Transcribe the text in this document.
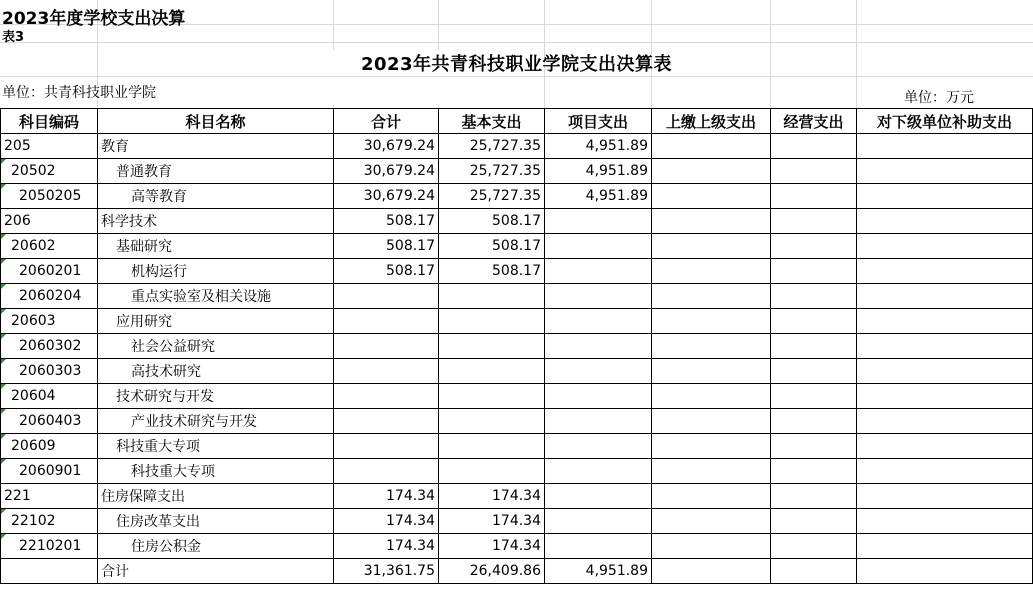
2023年度学校支出决算
表3
2023年共青科技职业学院支出决算表
单位：共青科技职业学院	单位：万元
科目编码	科目名称	合计	基本支出	项目支出	上缴上级支出	经营支出	对下级单位补助支出
205	教育	30,679.24	25,727.35	4,951.89			
20502	普通教育	30,679.24	25,727.35	4,951.89			
2050205	高等教育	30,679.24	25,727.35	4,951.89			
206	科学技术	508.17	508.17				
20602	基础研究	508.17	508.17				
2060201	机构运行	508.17	508.17				
2060204	重点实验室及相关设施						
20603	应用研究						
2060302	社会公益研究						
2060303	高技术研究						
20604	技术研究与开发						
2060403	产业技术研究与开发						
20609	科技重大专项						
2060901	科技重大专项						
221	住房保障支出	174.34	174.34				
22102	住房改革支出	174.34	174.34				
2210201	住房公积金	174.34	174.34				
	合计	31,361.75	26,409.86	4,951.89			
